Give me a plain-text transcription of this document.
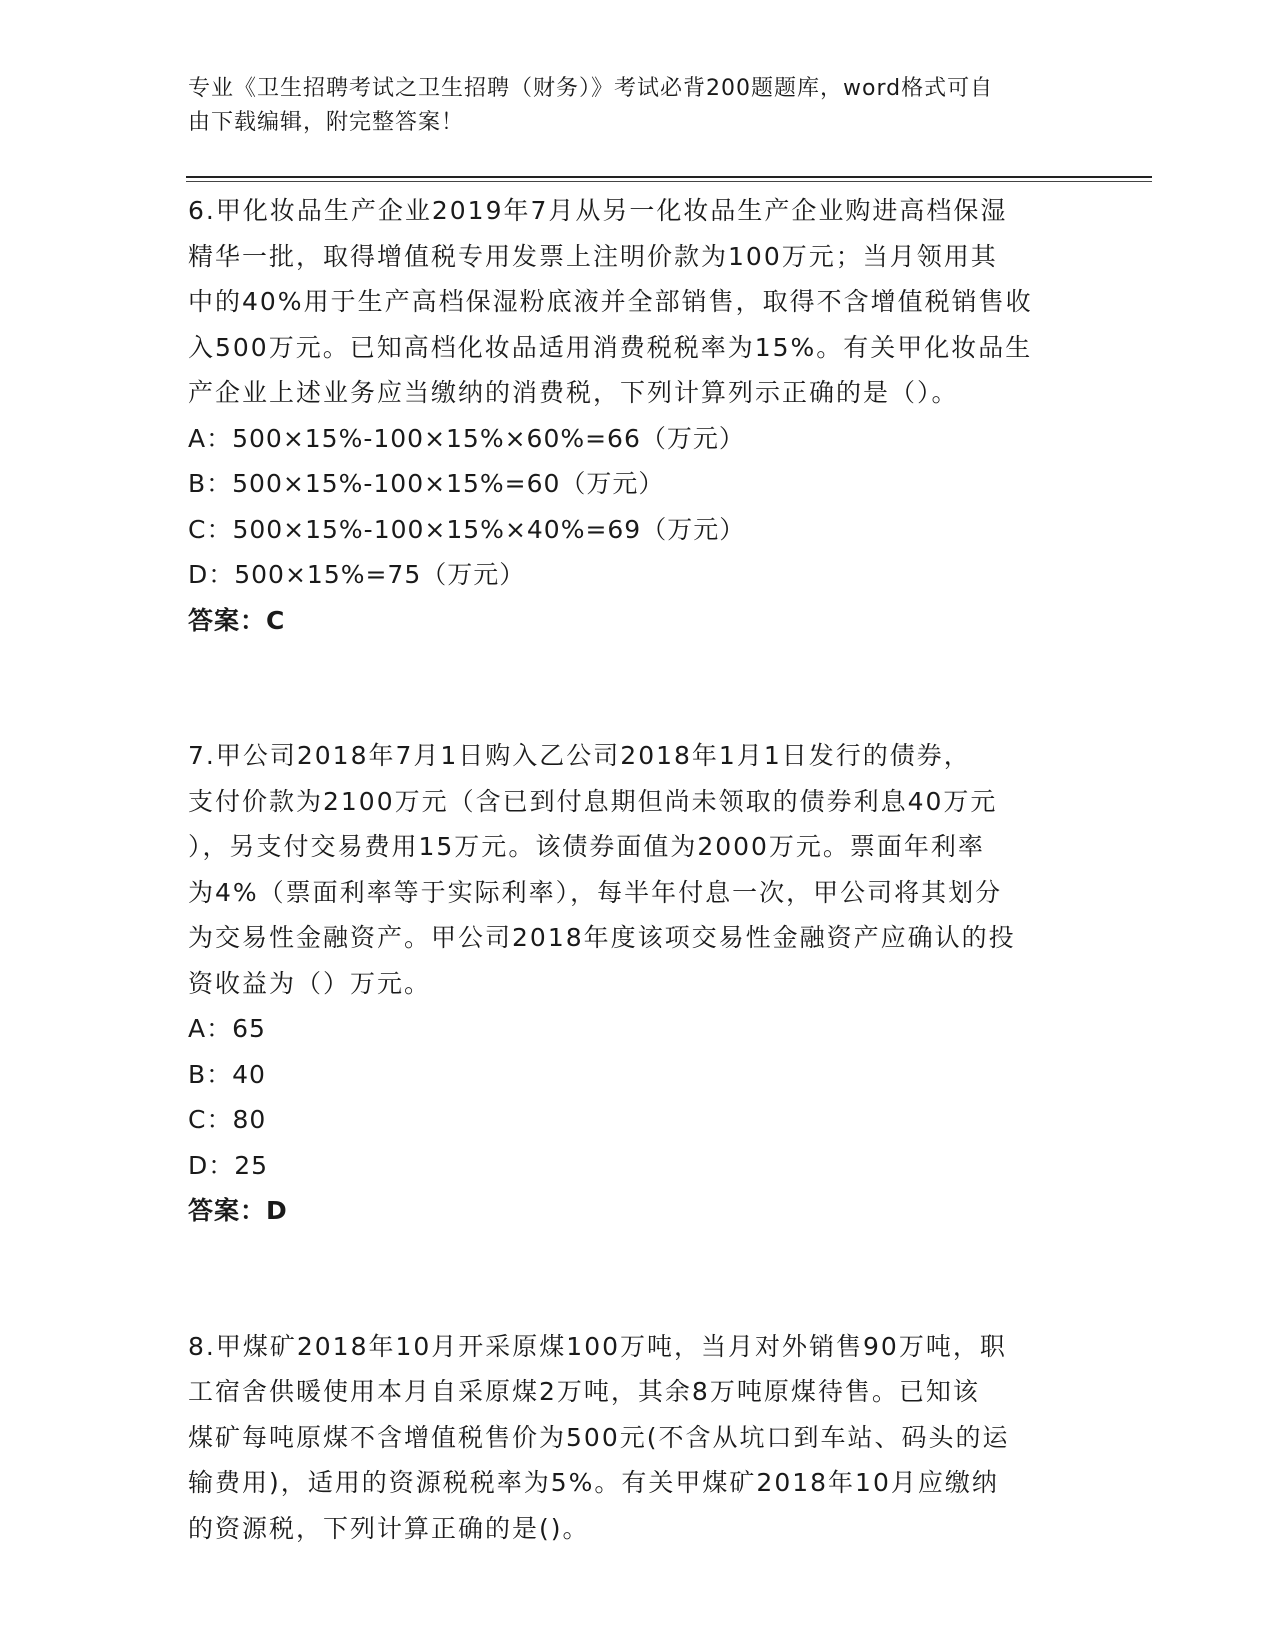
专业《卫生招聘考试之卫生招聘（财务）》考试必背200题题库，word格式可自
由下载编辑，附完整答案！

6.甲化妆品生产企业2019年7月从另一化妆品生产企业购进高档保湿

精华一批，取得增值税专用发票上注明价款为100万元；当月领用其

中的40%用于生产高档保湿粉底液并全部销售，取得不含增值税销售收

入500万元。已知高档化妆品适用消费税税率为15%。有关甲化妆品生

产企业上述业务应当缴纳的消费税，下列计算列示正确的是（）。

A：500×15%-100×15%×60%=66（万元）

B：500×15%-100×15%=60（万元）

C：500×15%-100×15%×40%=69（万元）

D：500×15%=75（万元）

答案：C

7.甲公司2018年7月1日购入乙公司2018年1月1日发行的债券，

支付价款为2100万元（含已到付息期但尚未领取的债券利息40万元

），另支付交易费用15万元。该债券面值为2000万元。票面年利率

为4%（票面利率等于实际利率），每半年付息一次，甲公司将其划分

为交易性金融资产。甲公司2018年度该项交易性金融资产应确认的投

资收益为（）万元。

A：65

B：40

C：80

D：25

答案：D

8.甲煤矿2018年10月开采原煤100万吨，当月对外销售90万吨，职

工宿舍供暖使用本月自采原煤2万吨，其余8万吨原煤待售。已知该

煤矿每吨原煤不含增值税售价为500元(不含从坑口到车站、码头的运

输费用)，适用的资源税税率为5%。有关甲煤矿2018年10月应缴纳

的资源税，下列计算正确的是()。
